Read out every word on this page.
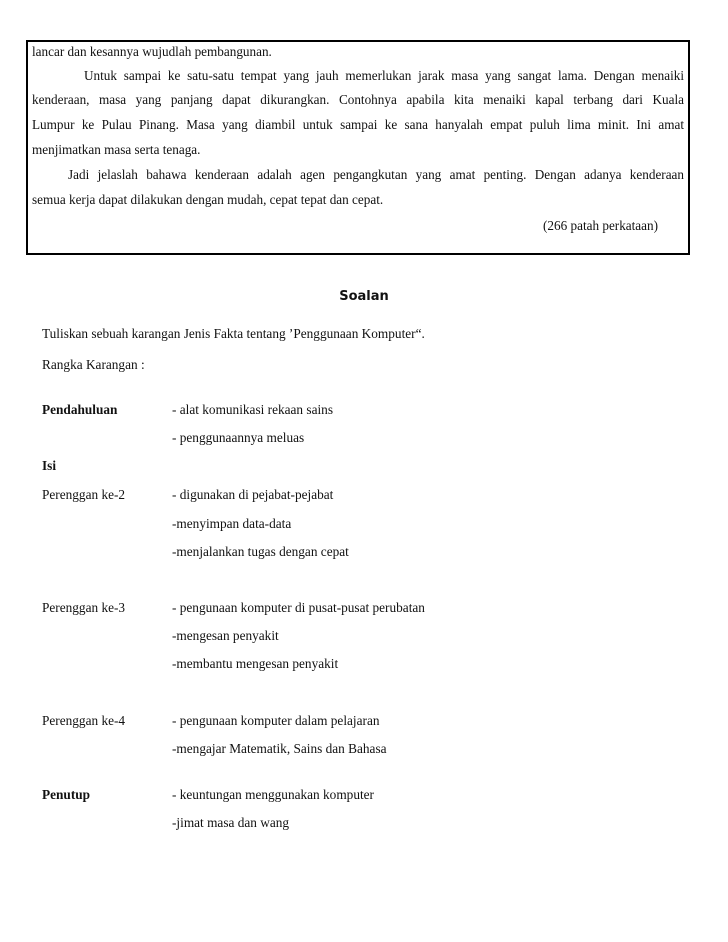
lancar dan kesannya wujudlah pembangunan.
Untuk sampai ke satu-satu tempat yang jauh memerlukan jarak masa yang sangat lama. Dengan menaiki
kenderaan, masa yang panjang dapat dikurangkan. Contohnya apabila kita menaiki kapal terbang dari Kuala
Lumpur ke Pulau Pinang. Masa yang diambil untuk sampai ke sana hanyalah empat puluh lima minit. Ini amat
menjimatkan masa serta tenaga.
Jadi jelaslah bahawa kenderaan adalah agen pengangkutan yang amat penting. Dengan adanya kenderaan
semua kerja dapat dilakukan dengan mudah, cepat tepat dan cepat.
(266 patah perkataan)
Soalan
Tuliskan sebuah karangan Jenis Fakta tentang ’Penggunaan Komputer“.
Rangka Karangan :
Pendahuluan	- alat komunikasi rekaan sains
- penggunaannya meluas
Isi
Perenggan ke-2	- digunakan di pejabat-pejabat
-menyimpan data-data
-menjalankan tugas dengan cepat
Perenggan ke-3	- pengunaan komputer di pusat-pusat perubatan
-mengesan penyakit
-membantu mengesan penyakit
Perenggan ke-4	- pengunaan komputer dalam pelajaran
-mengajar Matematik, Sains dan Bahasa
Penutup	- keuntungan menggunakan komputer
-jimat masa dan wang
